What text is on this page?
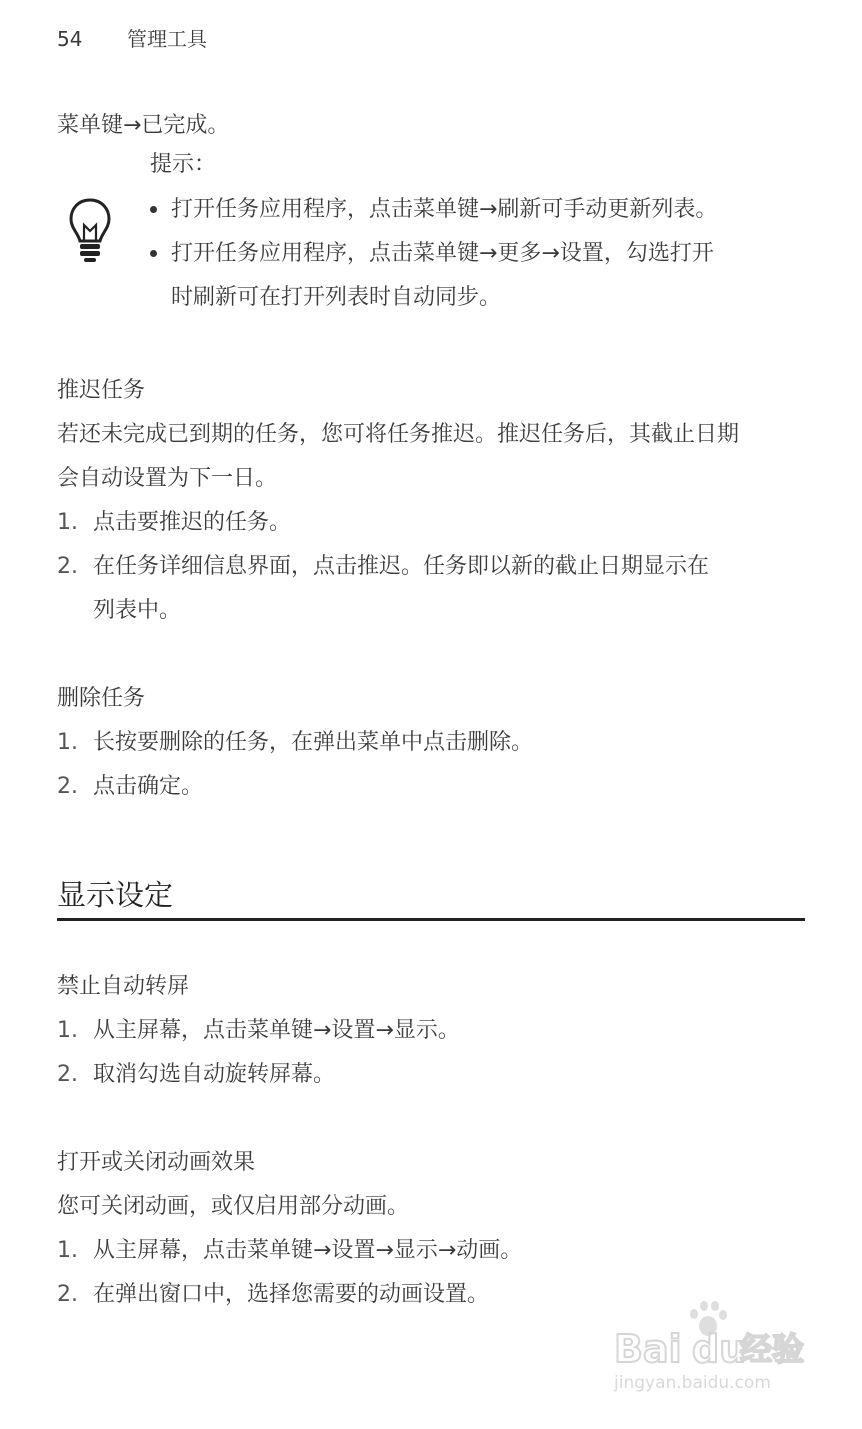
54 管理工具
菜单键→已完成。
提示：
打开任务应用程序，点击菜单键→刷新可手动更新列表。
打开任务应用程序，点击菜单键→更多→设置，勾选打开
时刷新可在打开列表时自动同步。
推迟任务
若还未完成已到期的任务，您可将任务推迟。推迟任务后，其截止日期
会自动设置为下一日。
1. 点击要推迟的任务。
2. 在任务详细信息界面，点击推迟。任务即以新的截止日期显示在
列表中。
删除任务
1. 长按要删除的任务，在弹出菜单中点击删除。
2. 点击确定。
显示设定
禁止自动转屏
1. 从主屏幕，点击菜单键→设置→显示。
2. 取消勾选自动旋转屏幕。
打开或关闭动画效果
您可关闭动画，或仅启用部分动画。
1. 从主屏幕，点击菜单键→设置→显示→动画。
2. 在弹出窗口中，选择您需要的动画设置。
Bai du
经验
jingyan.baidu.com
